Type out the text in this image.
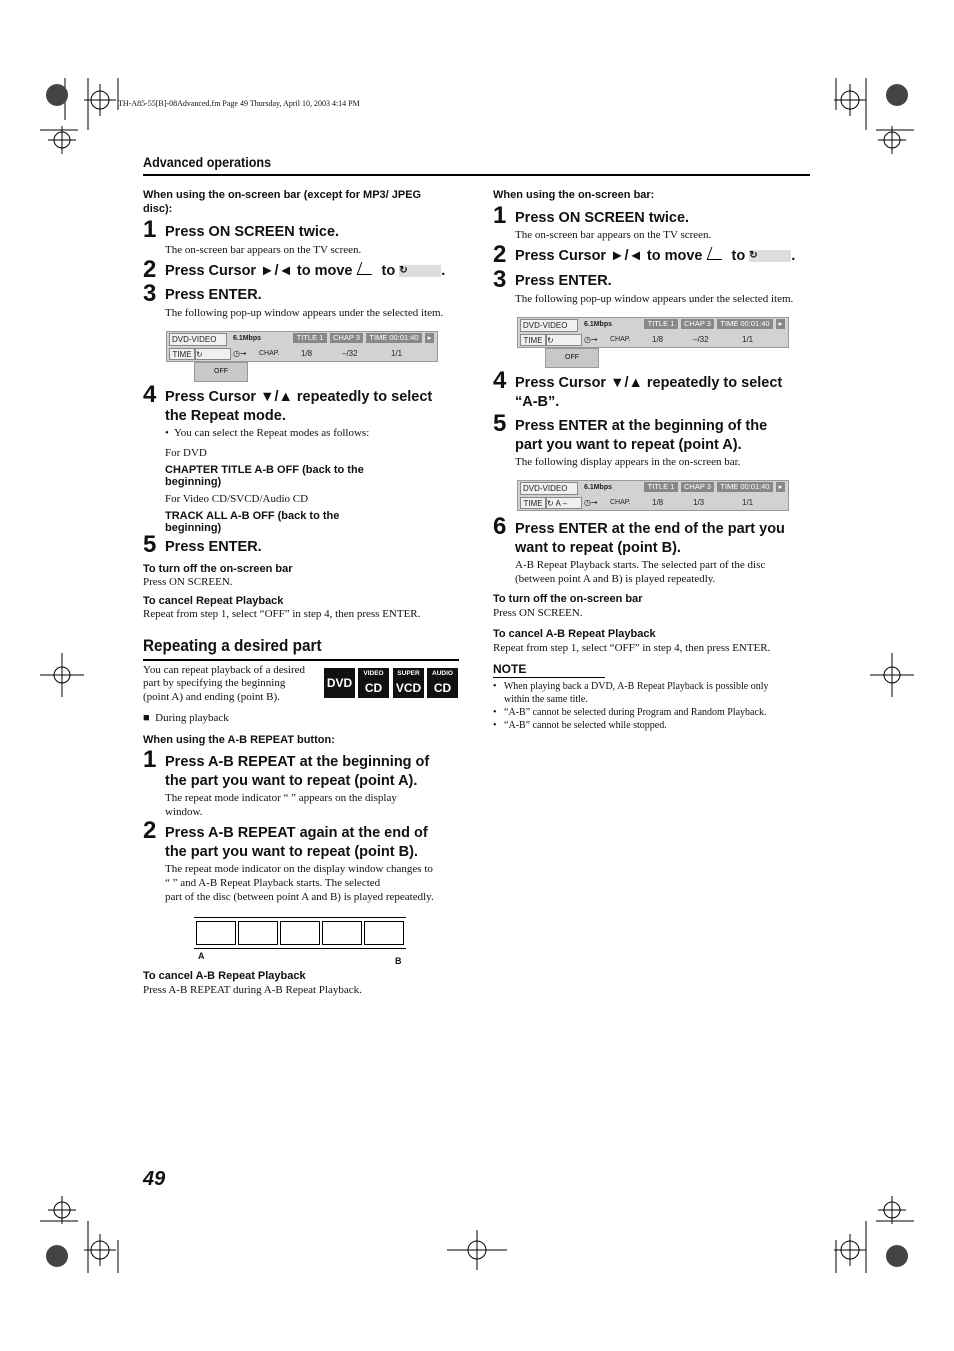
TH-A85-55[B]-08Advanced.fm Page 49 Thursday, April 10, 2003 4:14 PM
Advanced operations
When using the on-screen bar (except for MP3/ JPEG disc):
1 Press ON SCREEN twice.
The on-screen bar appears on the TV screen.
2 Press Cursor ►/◄ to move to ↻ .
3 Press ENTER.
The following pop-up window appears under the selected item.
DVD-VIDEO	6.1Mbps	TITLE 1	CHAP 3	TIME 00:01:40	▸
TIME ↻	◷➞ CHAP.	1/8	–/32	1/1
OFF
4 Press Cursor ▼/▲ repeatedly to select
the Repeat mode.
•  You can select the Repeat modes as follows:
For DVD
CHAPTER TITLE A-B OFF (back to the
beginning)
For Video CD/SVCD/Audio CD
TRACK ALL A-B OFF (back to the
beginning)
5 Press ENTER.
To turn off the on-screen bar
Press ON SCREEN.
To cancel Repeat Playback
Repeat from step 1, select “OFF” in step 4, then press ENTER.
Repeating a desired part
You can repeat playback of a desired
part by specifying the beginning
(point A) and ending (point B).
DVD
VIDEO
CD
SUPER
VCD
AUDIO
CD
■  During playback
When using the A-B REPEAT button:
1 Press A-B REPEAT at the beginning of
the part you want to repeat (point A).
The repeat mode indicator “ ” appears on the display
window.
2 Press A-B REPEAT again at the end of
the part you want to repeat (point B).
The repeat mode indicator on the display window changes to
“ ” and A-B Repeat Playback starts. The selected
part of the disc (between point A and B) is played repeatedly.
A	B
To cancel A-B Repeat Playback
Press A-B REPEAT during A-B Repeat Playback.
When using the on-screen bar:
1 Press ON SCREEN twice.
The on-screen bar appears on the TV screen.
2 Press Cursor ►/◄ to move to ↻ .
3 Press ENTER.
The following pop-up window appears under the selected item.
DVD-VIDEO	6.1Mbps	TITLE 1	CHAP 3	TIME 00:01:40	▸
TIME ↻	◷➞ CHAP.	1/8	–/32	1/1
OFF
4 Press Cursor ▼/▲ repeatedly to select
“A-B”.
5 Press ENTER at the beginning of the
part you want to repeat (point A).
The following display appears in the on-screen bar.
DVD-VIDEO	6.1Mbps	TITLE 1	CHAP 3	TIME 00:01:40	▸
TIME ↻ A –	◷➞ CHAP.	1/8	1/3	1/1
6 Press ENTER at the end of the part you
want to repeat (point B).
A-B Repeat Playback starts. The selected part of the disc
(between point A and B) is played repeatedly.
To turn off the on-screen bar
Press ON SCREEN.
To cancel A-B Repeat Playback
Repeat from step 1, select “OFF” in step 4, then press ENTER.
NOTE
•   When playing back a DVD, A-B Repeat Playback is possible only
within the same title.
•   “A-B” cannot be selected during Program and Random Playback.
•   “A-B” cannot be selected while stopped.
49
